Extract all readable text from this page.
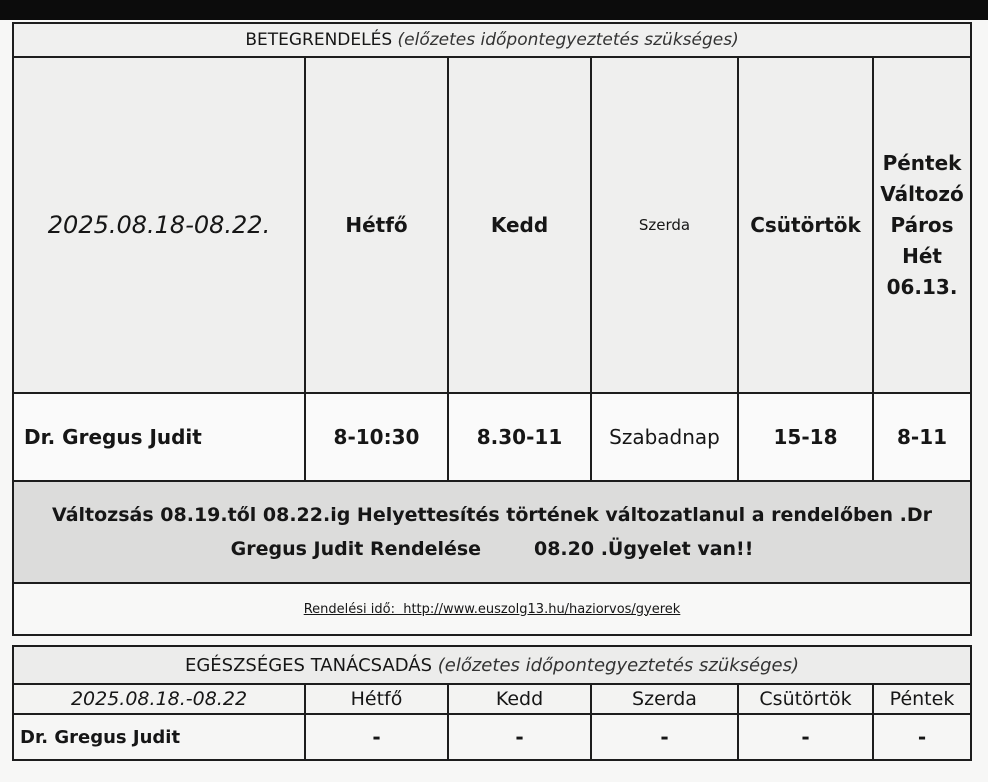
BETEGRENDELÉS (előzetes időpontegyeztetés szükséges)					
2025.08.18-08.22.	Hétfő	Kedd	Szerda	Csütörtök	Péntek
Változó
Páros
Hét
06.13.

Dr. Gregus Judit	8-10:30	8.30-11	Szabadnap	15-18	8-11

Változsás 08.19.től 08.22.ig Helyettesítés történek változatlanul a rendelőben .Dr
Gregus Judit Rendelése        08.20 .Ügyelet van!!					

Rendelési idő:  http://www.euszolg13.hu/haziorvos/gyerek					
EGÉSZSÉGES TANÁCSADÁS (előzetes időpontegyeztetés szükséges)					
2025.08.18.-08.22	Hétfő	Kedd	Szerda	Csütörtök	Péntek
Dr. Gregus Judit	-	-	-	-	-
